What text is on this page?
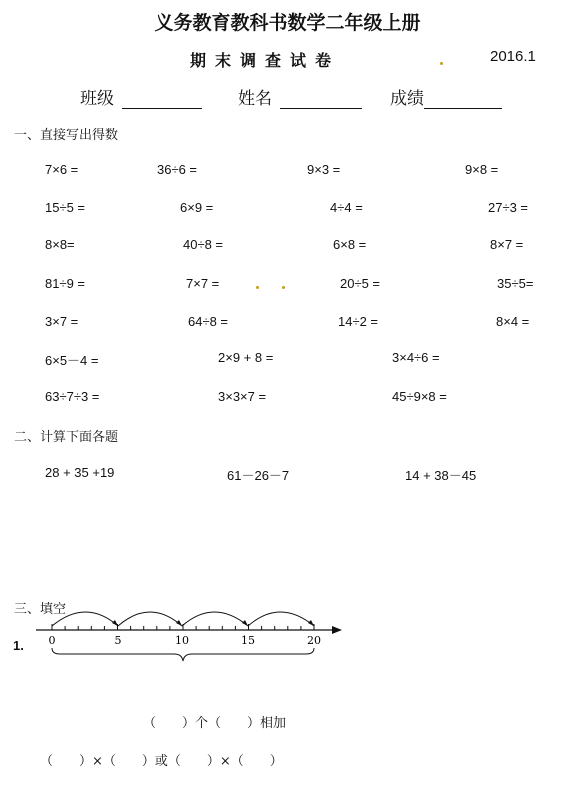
义务教育教科书数学二年级上册
期末调查试卷	2016.1
班级	姓名	成绩
一、直接写出得数
7×6 =	36÷6 =	9×3 =	9×8 =
15÷5 =	6×9 =	4÷4 =	27÷3 =
8×8=	40÷8 =	6×8 =	8×7 =
81÷9 =	7×7 =	20÷5 =	35÷5=
3×7 =	64÷8 =	14÷2 =	8×4 =
6×5－4 =	2×9 + 8 =	3×4÷6 =
63÷7÷3 =	3×3×7 =	45÷9×8 =
二、计算下面各题
28 + 35 +19	61－26－7	14 + 38－45
三、填空
1. 0	5	10	15	20
（　　）个（　　）相加
（　　）×（　　）或（　　）×（　　）
